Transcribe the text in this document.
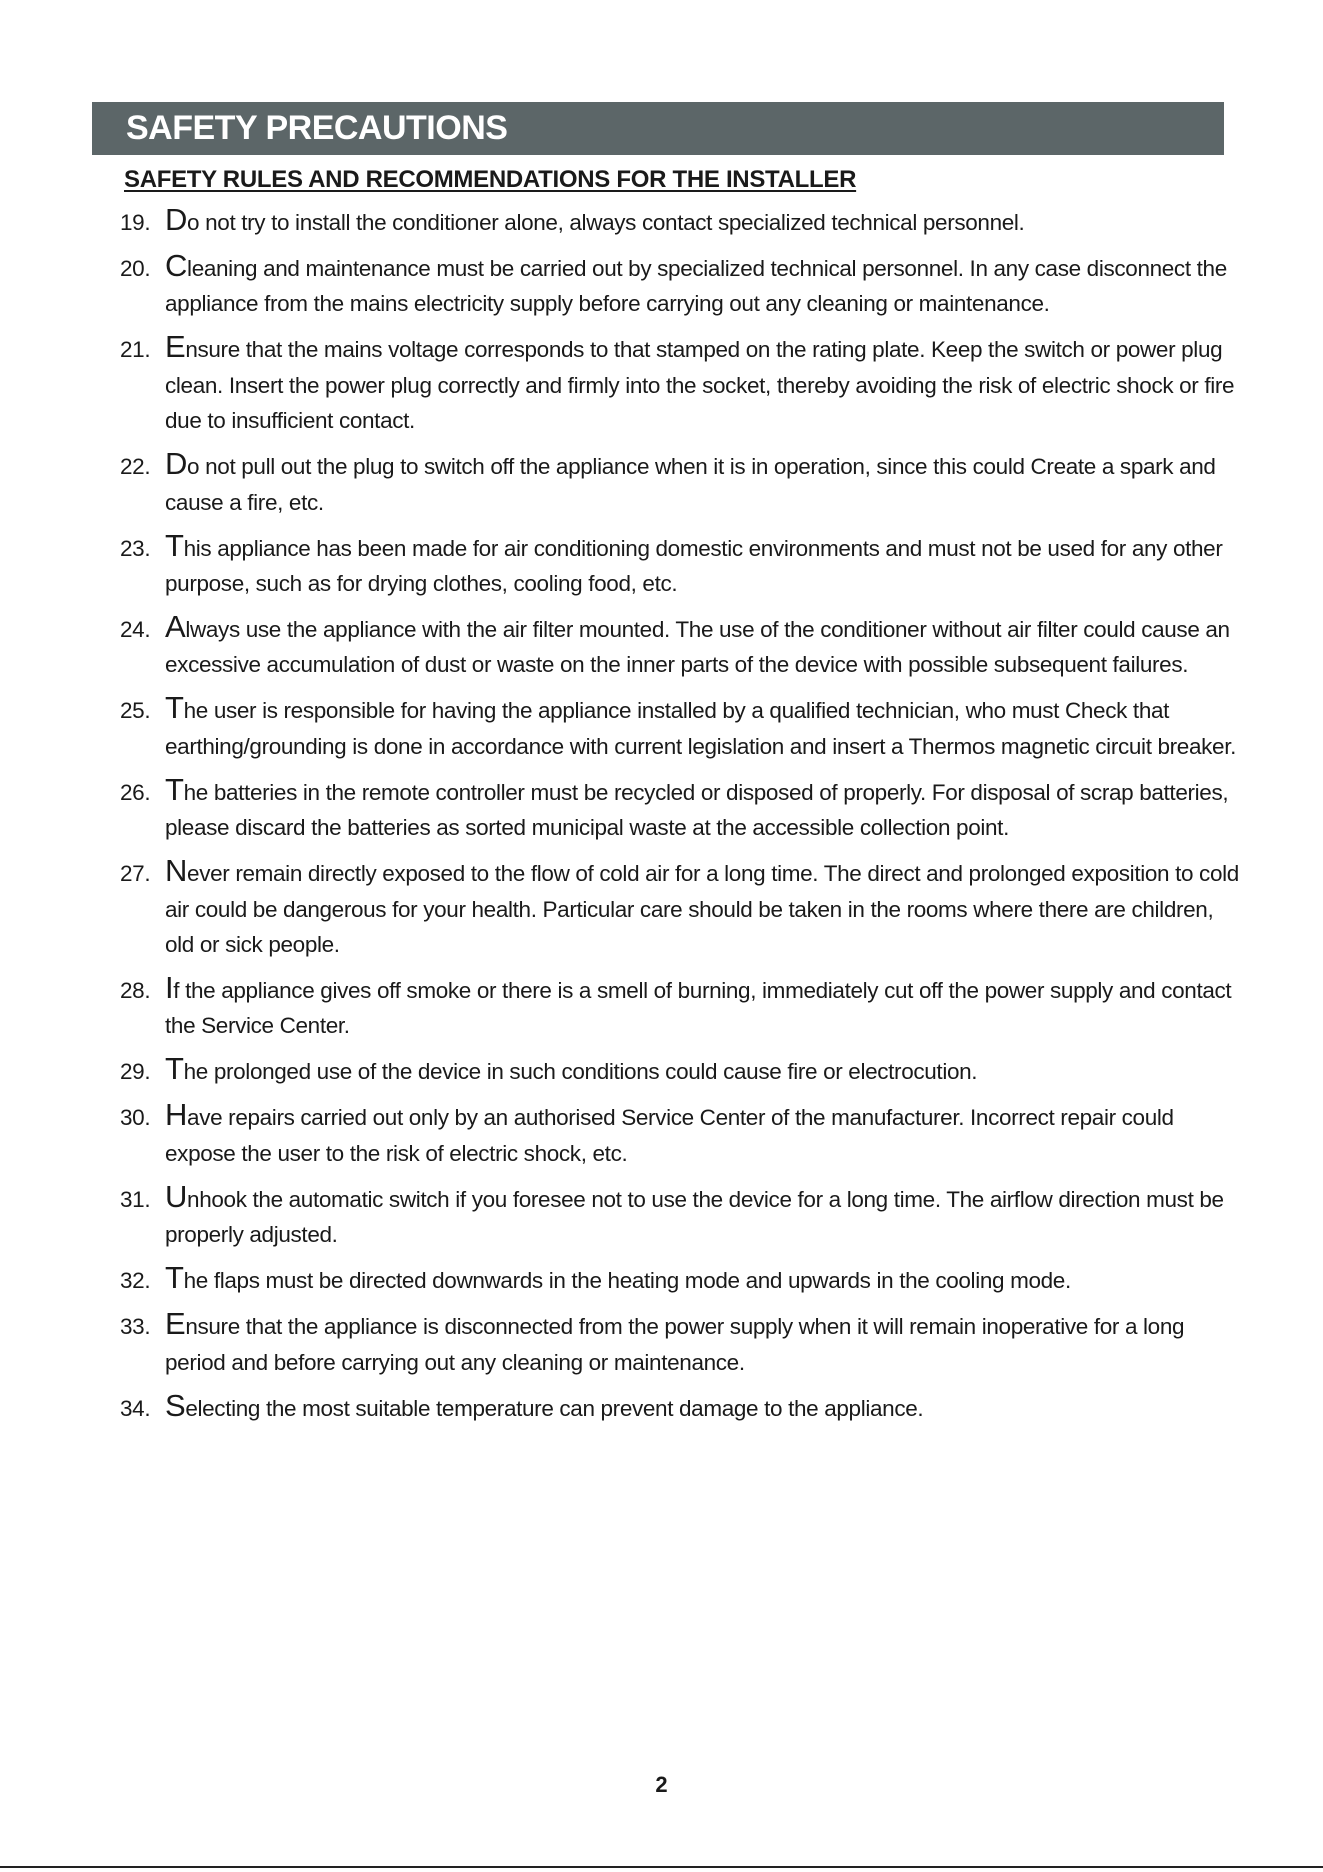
SAFETY PRECAUTIONS
SAFETY RULES AND RECOMMENDATIONS FOR THE INSTALLER
19. Do not try to install the conditioner alone, always contact specialized technical personnel.
20. Cleaning and maintenance must be carried out by specialized technical personnel. In any case disconnect the appliance from the mains electricity supply before carrying out any cleaning or maintenance.
21. Ensure that the mains voltage corresponds to that stamped on the rating plate. Keep the switch or power plug clean. Insert the power plug correctly and firmly into the socket, thereby avoiding the risk of electric shock or fire due to insufficient contact.
22. Do not pull out the plug to switch off the appliance when it is in operation, since this could Create a spark and cause a fire, etc.
23. This appliance has been made for air conditioning domestic environments and must not be used for any other purpose, such as for drying clothes, cooling food, etc.
24. Always use the appliance with the air filter mounted. The use of the conditioner without air filter could cause an excessive accumulation of dust or waste on the inner parts of the device with possible subsequent failures.
25. The user is responsible for having the appliance installed by a qualified technician, who must Check that earthing/grounding is done in accordance with current legislation and insert a Thermos magnetic circuit breaker.
26. The batteries in the remote controller must be recycled or disposed of properly. For disposal of scrap batteries, please discard the batteries as sorted municipal waste at the accessible collection point.
27. Never remain directly exposed to the flow of cold air for a long time. The direct and prolonged exposition to cold air could be dangerous for your health. Particular care should be taken in the rooms where there are children, old or sick people.
28. If the appliance gives off smoke or there is a smell of burning, immediately cut off the power supply and contact the Service Center.
29. The prolonged use of the device in such conditions could cause fire or electrocution.
30. Have repairs carried out only by an authorised Service Center of the manufacturer. Incorrect repair could expose the user to the risk of electric shock, etc.
31. Unhook the automatic switch if you foresee not to use the device for a long time. The airflow direction must be properly adjusted.
32. The flaps must be directed downwards in the heating mode and upwards in the cooling mode.
33. Ensure that the appliance is disconnected from the power supply when it will remain inoperative for a long period and before carrying out any cleaning or maintenance.
34. Selecting the most suitable temperature can prevent damage to the appliance.
2
